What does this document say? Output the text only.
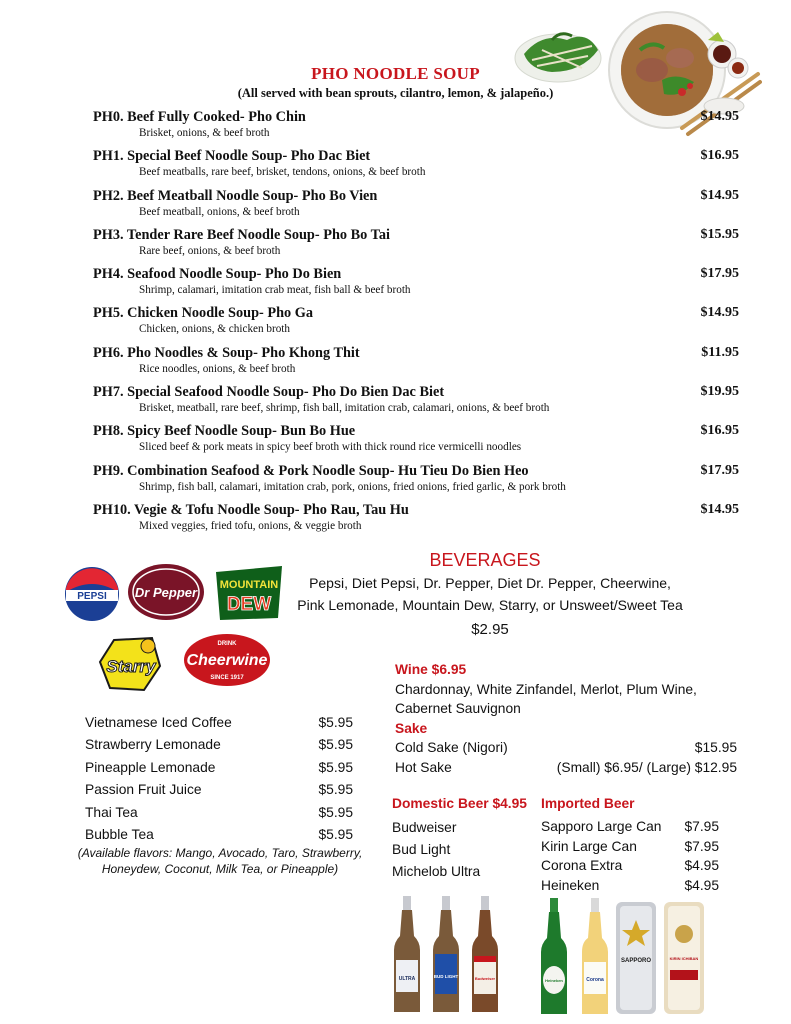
PHO NOODLE SOUP
(All served with bean sprouts, cilantro, lemon, & jalapeño.)
PH0. Beef Fully Cooked- Pho Chin
Brisket, onions, & beef broth
$14.95
PH1. Special Beef Noodle Soup- Pho Dac Biet
Beef meatballs, rare beef, brisket, tendons, onions, & beef broth
$16.95
PH2. Beef Meatball Noodle Soup- Pho Bo Vien
Beef meatball, onions, & beef broth
$14.95
PH3. Tender Rare Beef Noodle Soup- Pho Bo Tai
Rare beef, onions, & beef broth
$15.95
PH4. Seafood Noodle Soup- Pho Do Bien
Shrimp, calamari, imitation crab meat, fish ball & beef broth
$17.95
PH5. Chicken Noodle Soup- Pho Ga
Chicken, onions, & chicken broth
$14.95
PH6. Pho Noodles & Soup- Pho Khong Thit
Rice noodles, onions, & beef broth
$11.95
PH7. Special Seafood Noodle Soup- Pho Do Bien Dac Biet
Brisket, meatball, rare beef, shrimp, fish ball, imitation crab, calamari, onions, & beef broth
$19.95
PH8. Spicy Beef Noodle Soup- Bun Bo Hue
Sliced beef & pork meats in spicy beef broth with thick round rice vermicelli noodles
$16.95
PH9. Combination Seafood & Pork Noodle Soup- Hu Tieu Do Bien Heo
Shrimp, fish ball, calamari, imitation crab, pork, onions, fried onions, fried garlic, & pork broth
$17.95
PH10. Vegie & Tofu Noodle Soup- Pho Rau, Tau Hu
Mixed veggies, fried tofu, onions, & veggie broth
$14.95
PEPSI Dr Pepper MOUNTAIN
DEW
Starry
DRINK
Cheerwine
SINCE 1917
BEVERAGES
Pepsi, Diet Pepsi, Dr. Pepper, Diet Dr. Pepper, Cheerwine,
Pink Lemonade, Mountain Dew, Starry, or Unsweet/Sweet Tea
$2.95
Vietnamese Iced Coffee	$5.95
Strawberry Lemonade	$5.95
Pineapple Lemonade	$5.95
Passion Fruit Juice	$5.95
Thai Tea	$5.95
Bubble Tea	$5.95
(Available flavors: Mango, Avocado, Taro, Strawberry,
Honeydew, Coconut, Milk Tea, or Pineapple)
Wine $6.95
Chardonnay, White Zinfandel, Merlot, Plum Wine,
Cabernet Sauvignon
Sake
Cold Sake (Nigori)	$15.95
Hot Sake	(Small) $6.95/ (Large) $12.95
Domestic Beer $4.95
Budweiser
Bud Light
Michelob Ultra
Imported Beer
Sapporo Large Can $7.95
Kirin Large Can	$7.95
Corona Extra	$4.95
Heineken	$4.95
ULTRA	BUD LIGHT	Budweiser	Heineken	Corona
SAPPORO	KIRIN ICHIBAN
